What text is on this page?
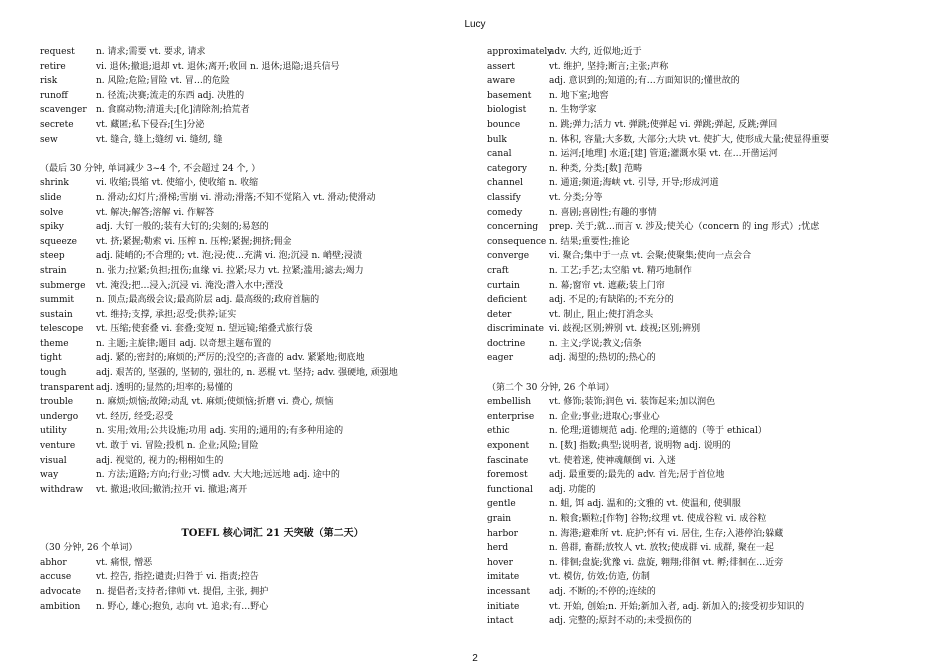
Lucy
request n. 请求;需要 vt. 要求, 请求
retire	vi. 退休;撤退;退却 vt. 退休;离开;收回 n. 退休;退隐;退兵信号
risk	n. 风险;危险;冒险 vt. 冒…的危险
runoff	n. 径流;决赛;流走的东西 adj. 决胜的
scavenger n. 食腐动物;清道夫;[化]清除剂;拾荒者
secrete vt. 藏匿;私下侵吞;[生]分泌
sew	vt. 缝合, 缝上;缝纫 vi. 缝纫, 缝
（最后 30 分钟, 单词减少 3~4 个, 不会超过 24 个, ）
shrink	vi. 收缩;畏缩 vt. 使缩小, 使收缩 n. 收缩
slide	n. 滑动;幻灯片;滑梯;雪崩 vi. 滑动;滑落;不知不觉陷入 vt. 滑动;使滑动
solve	vt. 解决;解答;溶解 vi. 作解答
spiky	adj. 大钉一般的;装有大钉的;尖刻的;易怒的
squeeze vt. 挤;紧握;勒索 vi. 压榨 n. 压榨;紧握;拥挤;佣金
steep	adj. 陡峭的;不合理的; vt. 泡;浸;使…充满 vi. 泡;沉浸 n. 峭壁;浸渍
strain	n. 张力;拉紧;负担;扭伤;血缘 vi. 拉紧;尽力 vt. 拉紧;滥用;滤去;竭力
submerge vt. 淹没;把…浸入;沉浸 vi. 淹没;潜入水中;湮没
summit n. 顶点;最高级会议;最高阶层 adj. 最高级的;政府首脑的
sustain	vt. 维持;支撑, 承担;忍受;供养;证实
telescope vt. 压缩;使套叠 vi. 套叠;变短 n. 望远镜;缩叠式旅行袋
theme	n. 主题;主旋律;题目 adj. 以奇想主题布置的
tight	adj. 紧的;密封的;麻烦的;严厉的;没空的;吝啬的 adv. 紧紧地;彻底地
tough	adj. 艰苦的, 坚强的, 坚韧的, 强壮的, n. 恶棍 vt. 坚持; adv. 强硬地, 顽强地
transparent adj. 透明的;显然的;坦率的;易懂的
trouble	n. 麻烦;烦恼;故障;动乱 vt. 麻烦;使烦恼;折磨 vi. 费心, 烦恼
undergo vt. 经历, 经受;忍受
utility	n. 实用;效用;公共设施;功用 adj. 实用的;通用的;有多种用途的
venture vt. 敢于 vi. 冒险;投机 n. 企业;风险;冒险
visual	adj. 视觉的, 视力的;栩栩如生的
way	n. 方法;道路;方向;行业;习惯 adv. 大大地;远远地 adj. 途中的
withdraw vt. 撤退;收回;撤消;拉开 vi. 撤退;离开
TOEFL 核心词汇 21 天突破（第二天）
（30 分钟, 26 个单词）
abhor	vt. 痛恨, 憎恶
accuse	vt. 控告, 指控;谴责;归咎于 vi. 指责;控告
advocate n. 提倡者;支持者;律师 vt. 提倡, 主张, 拥护
ambition n. 野心, 雄心;抱负, 志向 vt. 追求;有…野心
approximatelyadv. 大约, 近似地;近于
assert	vt. 维护, 坚持;断言;主张;声称
aware	adj. 意识到的;知道的;有…方面知识的;懂世故的
basement n. 地下室;地窖
biologist	n. 生物学家
bounce	n. 跳;弹力;活力 vt. 弹跳;使弹起 vi. 弹跳;弹起, 反跳;弹回
bulk	n. 体积, 容量;大多数, 大部分;大块 vt. 使扩大, 使形成大量;使显得重要
canal	n. 运河;[地理] 水道;[建] 管道;灌溉水渠 vt. 在…开凿运河
category n. 种类, 分类;[数] 范畴
channel	n. 通道;频道;海峡 vt. 引导, 开导;形成河道
classify	vt. 分类;分等
comedy	n. 喜剧;喜剧性;有趣的事情
concerning prep. 关于;就…而言 v. 涉及;使关心（concern 的 ing 形式）;忧虑
consequence n. 结果;重要性;推论
converge vi. 聚合;集中于一点 vt. 会聚;使聚集;使向一点会合
craft	n. 工艺;手艺;太空船 vt. 精巧地制作
curtain	n. 幕;窗帘 vt. 遮蔽;装上门帘
deficient adj. 不足的;有缺陷的;不充分的
deter	vt. 制止, 阻止;使打消念头
discriminate vi. 歧视;区别;辨别 vt. 歧视;区别;辨别
doctrine	n. 主义;学说;教义;信条
eager	adj. 渴望的;热切的;热心的
（第二个 30 分钟, 26 个单词）
embellish vt. 修饰;装饰;润色 vi. 装饰起来;加以润色
enterprise n. 企业;事业;进取心;事业心
ethic	n. 伦理;道德规范 adj. 伦理的;道德的（等于 ethical）
exponent n. [数] 指数;典型;说明者, 说明物 adj. 说明的
fascinate vt. 使着迷, 使神魂颠倒 vi. 入迷
foremost adj. 最重要的;最先的 adv. 首先;居于首位地
functional adj. 功能的
gentle	n. 蛆, 饵 adj. 温和的;文雅的 vt. 使温和, 使驯服
grain	n. 粮食;颗粒;[作物] 谷物;纹理 vt. 使成谷粒 vi. 成谷粒
harbor	n. 海港;避难所 vt. 庇护;怀有 vi. 居住, 生存;入港停泊;躲藏
herd	n. 兽群, 畜群;放牧人 vt. 放牧;使成群 vi. 成群, 聚在一起
hover	n. 徘徊;盘旋;犹豫 vi. 盘旋, 翱翔;徘徊 vt. 孵;徘徊在…近旁
imitate	vt. 模仿, 仿效;仿造, 仿制
incessant adj. 不断的;不停的;连续的
initiate	vt. 开始, 创始;n. 开始;新加入者, adj. 新加入的;接受初步知识的
intact	adj. 完整的;原封不动的;未受损伤的
2
